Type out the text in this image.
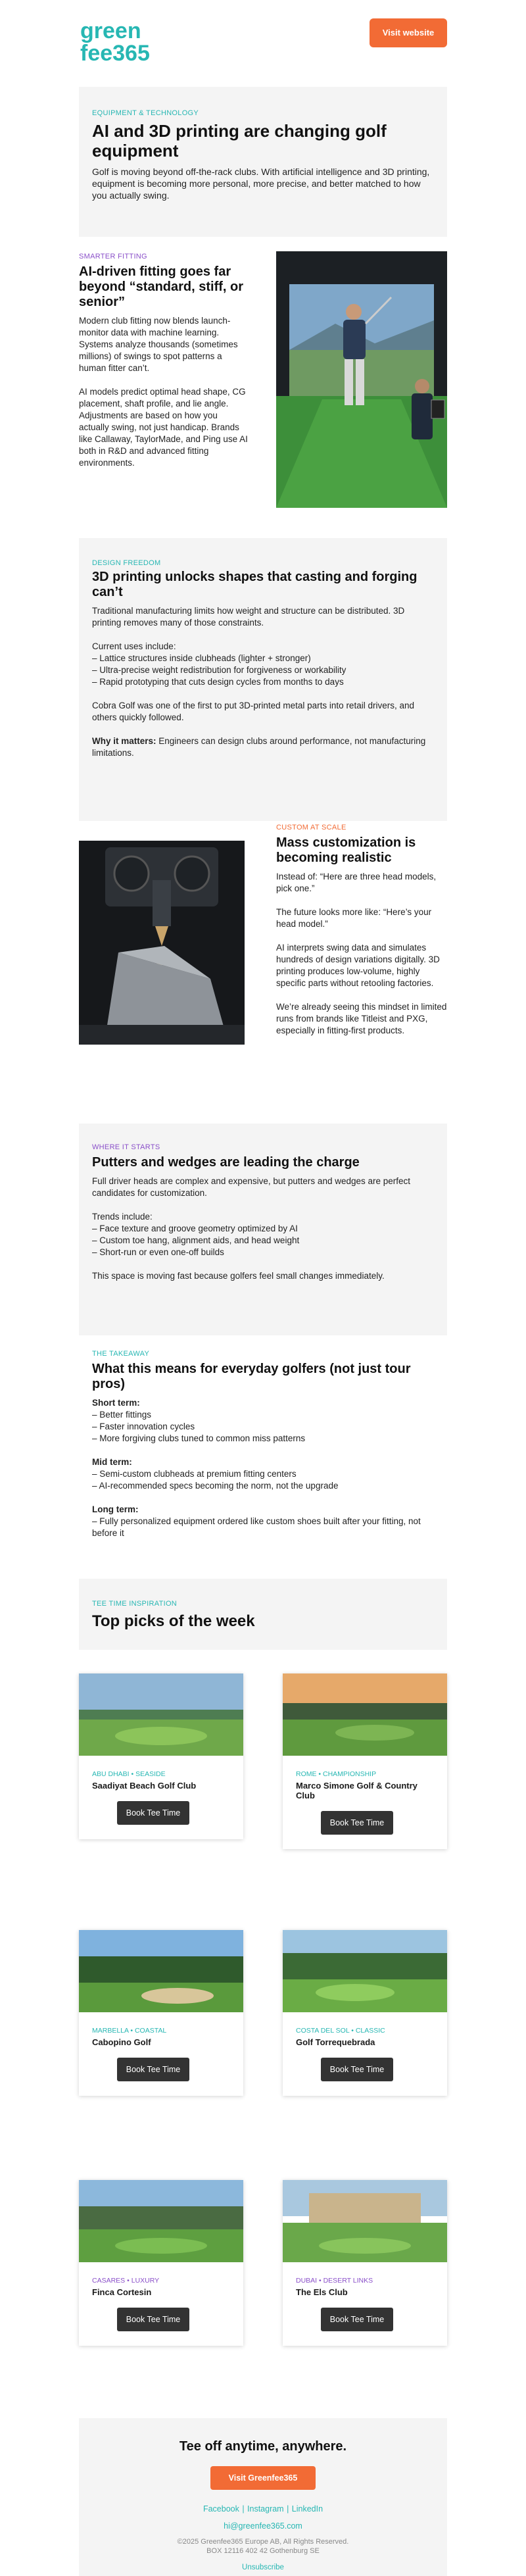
green
fee365
Visit website
EQUIPMENT & TECHNOLOGY
AI and 3D printing are changing golf equipment

Golf is moving beyond off-the-rack clubs. With artificial intelligence and 3D printing, equipment is becoming more personal, more precise, and better matched to how you actually swing.

SMARTER FITTING
AI-driven fitting goes far beyond “standard, stiff, or senior”

Modern club fitting now blends launch-monitor data with machine learning. Systems analyze thousands (sometimes millions) of swings to spot patterns a human fitter can’t.

AI models predict optimal head shape, CG placement, shaft profile, and lie angle. Adjustments are based on how you actually swing, not just handicap. Brands like Callaway, TaylorMade, and Ping use AI both in R&D and advanced fitting environments.

DESIGN FREEDOM
3D printing unlocks shapes that casting and forging can’t

Traditional manufacturing limits how weight and structure can be distributed. 3D printing removes many of those constraints.

Current uses include:

– Lattice structures inside clubheads (lighter + stronger)
– Ultra-precise weight redistribution for forgiveness or workability
– Rapid prototyping that cuts design cycles from months to days

Cobra Golf was one of the first to put 3D-printed metal parts into retail drivers, and others quickly followed.

Why it matters: Engineers can design clubs around performance, not manufacturing limitations.

CUSTOM AT SCALE
Mass customization is becoming realistic

Instead of: “Here are three head models, pick one.”

The future looks more like: “Here’s your head model.”

AI interprets swing data and simulates hundreds of design variations digitally. 3D printing produces low-volume, highly specific parts without retooling factories.

We’re already seeing this mindset in limited runs from brands like Titleist and PXG, especially in fitting-first products.

WHERE IT STARTS
Putters and wedges are leading the charge

Full driver heads are complex and expensive, but putters and wedges are perfect candidates for customization.

Trends include:

– Face texture and groove geometry optimized by AI
– Custom toe hang, alignment aids, and head weight
– Short-run or even one-off builds

This space is moving fast because golfers feel small changes immediately.

THE TAKEAWAY
What this means for everyday golfers (not just tour pros)

Short term:

– Better fittings
– Faster innovation cycles
– More forgiving clubs tuned to common miss patterns

Mid term:

– Semi-custom clubheads at premium fitting centers
– AI-recommended specs becoming the norm, not the upgrade

Long term:

– Fully personalized equipment ordered like custom shoes built after your fitting, not before it
TEE TIME INSPIRATION
Top picks of the week
ABU DHABI • SEASIDE
Saadiyat Beach Golf Club
Book Tee Time
ROME • CHAMPIONSHIP
Marco Simone Golf & Country Club
Book Tee Time
MARBELLA • COASTAL
Cabopino Golf
Book Tee Time
COSTA DEL SOL • CLASSIC
Golf Torrequebrada
Book Tee Time
CASARES • LUXURY
Finca Cortesin
Book Tee Time
DUBAI • DESERT LINKS
The Els Club
Book Tee Time
Tee off anytime, anywhere.
Visit Greenfee365
Facebook | Instagram | LinkedIn
hi@greenfee365.com
©2025 Greenfee365 Europe AB, All Rights Reserved.
BOX 12116 402 42 Gothenburg SE
Unsubscribe
